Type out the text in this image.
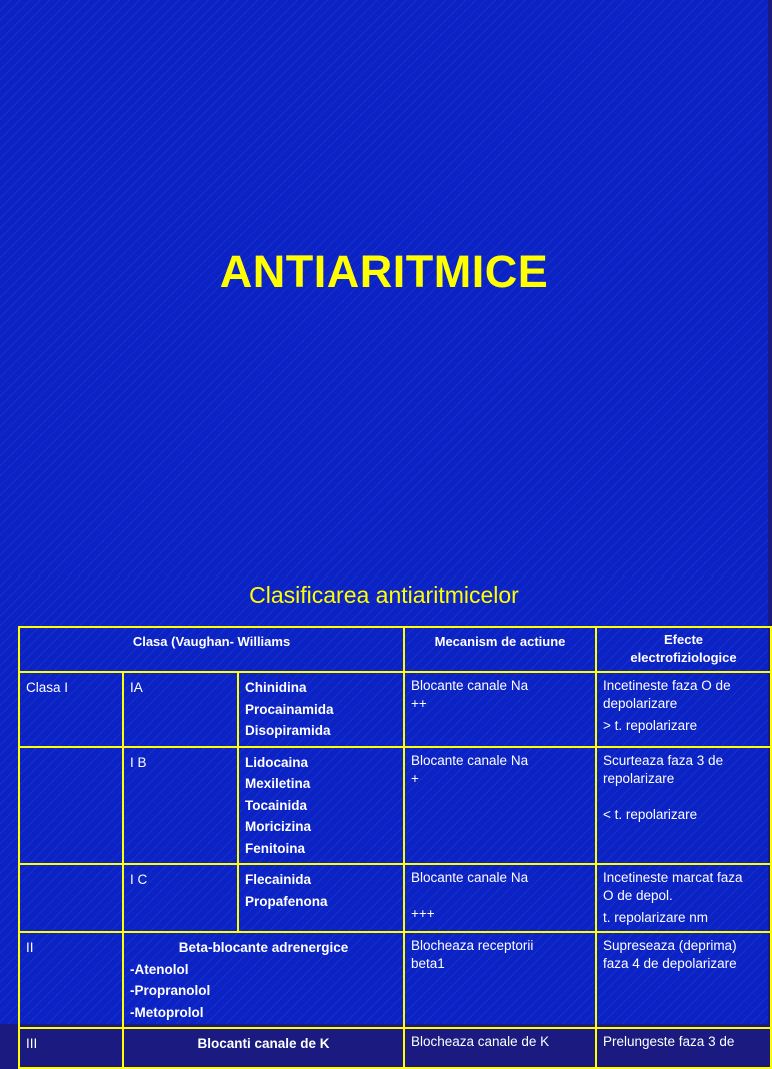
ANTIARITMICE
Clasificarea antiaritmicelor
Clasa (Vaughan- Williams			Mecanism de actiune	Efecte
electrofiziologice

Clasa I	IA	Chinidina
Procainamida
Disopiramida	Blocante canale Na
++	Incetineste faza O de
depolarizare
> t. repolarizare

	I B	Lidocaina
Mexiletina
Tocainida
Moricizina
Fenitoina	Blocante canale Na
+	Scurteaza faza 3 de
repolarizare
< t. repolarizare

	I C	Flecainida
Propafenona	Blocante canale Na
+++	Incetineste marcat faza
O de depol.
t. repolarizare nm

II	Beta-blocante adrenergice
-Atenolol
-Propranolol
-Metoprolol		Blocheaza receptorii
beta1	Supreseaza (deprima)
faza 4 de depolarizare

III	Blocanti canale de K		Blocheaza canale de K	Prelungeste faza 3 de
